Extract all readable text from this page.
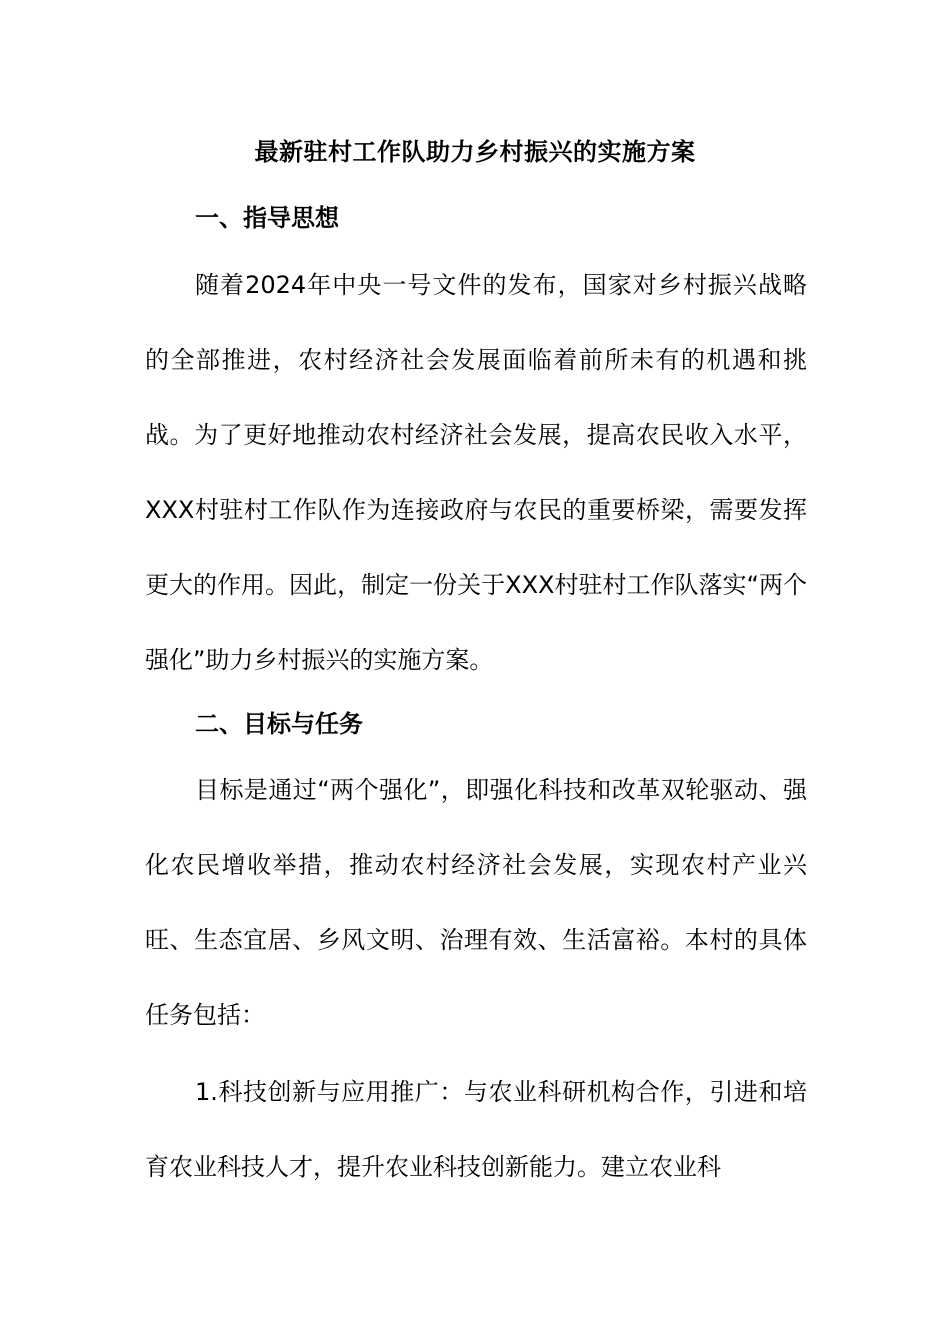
最新驻村工作队助力乡村振兴的实施方案
一、指导思想

随着2024年中央一号文件的发布，国家对乡村振兴战略的全部推进，农村经济社会发展面临着前所未有的机遇和挑战。为了更好地推动农村经济社会发展，提高农民收入水平，XXX村驻村工作队作为连接政府与农民的重要桥梁，需要发挥更大的作用。因此，制定一份关于XXX村驻村工作队落实“两个强化”助力乡村振兴的实施方案。

二、目标与任务

目标是通过“两个强化”，即强化科技和改革双轮驱动、强化农民增收举措，推动农村经济社会发展，实现农村产业兴旺、生态宜居、乡风文明、治理有效、生活富裕。本村的具体任务包括：

1.科技创新与应用推广：与农业科研机构合作，引进和培育农业科技人才，提升农业科技创新能力。建立农业科
